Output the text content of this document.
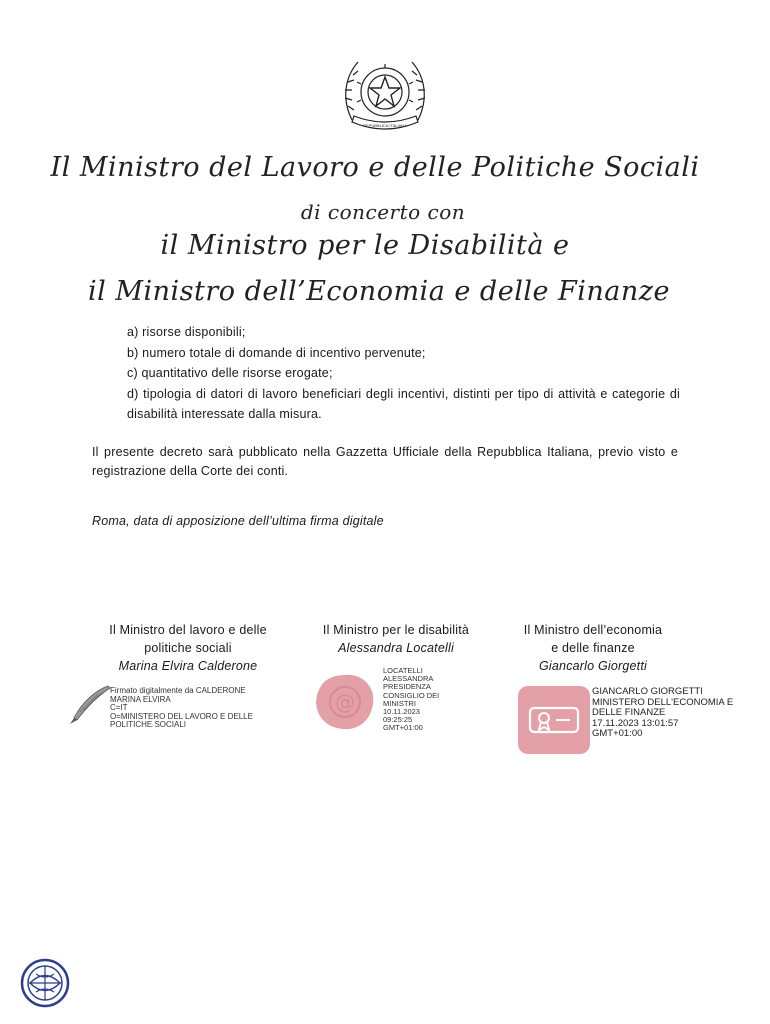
REPUBBLICA ITALIANA
Il Ministro del Lavoro e delle Politiche Sociali
di concerto con
il Ministro per le Disabilità e
il Ministro dell’Economia e delle Finanze
a) risorse disponibili;
b) numero totale di domande di incentivo pervenute;
c) quantitativo delle risorse erogate;
d) tipologia di datori di lavoro beneficiari degli incentivi, distinti per tipo di attività e categorie di disabilità interessate dalla misura.
Il presente decreto sarà pubblicato nella Gazzetta Ufficiale della Repubblica Italiana, previo visto e registrazione della Corte dei conti.
Roma, data di apposizione dell’ultima firma digitale
Il Ministro del lavoro e delle
politiche sociali
Marina Elvira Calderone
Il Ministro per le disabilità
Alessandra Locatelli
Il Ministro dell’economia
e delle finanze
Giancarlo Giorgetti
Firmato digitalmente da CALDERONE
MARINA ELVIRA
C=IT
O=MINISTERO DEL LAVORO E DELLE
POLITICHE SOCIALI
@
LOCATELLI
ALESSANDRA
PRESIDENZA
CONSIGLIO DEI
MINISTRI
10.11.2023
09:25:25
GMT+01:00
GIANCARLO GIORGETTI
MINISTERO DELL'ECONOMIA E
DELLE FINANZE
17.11.2023 13:01:57
GMT+01:00
